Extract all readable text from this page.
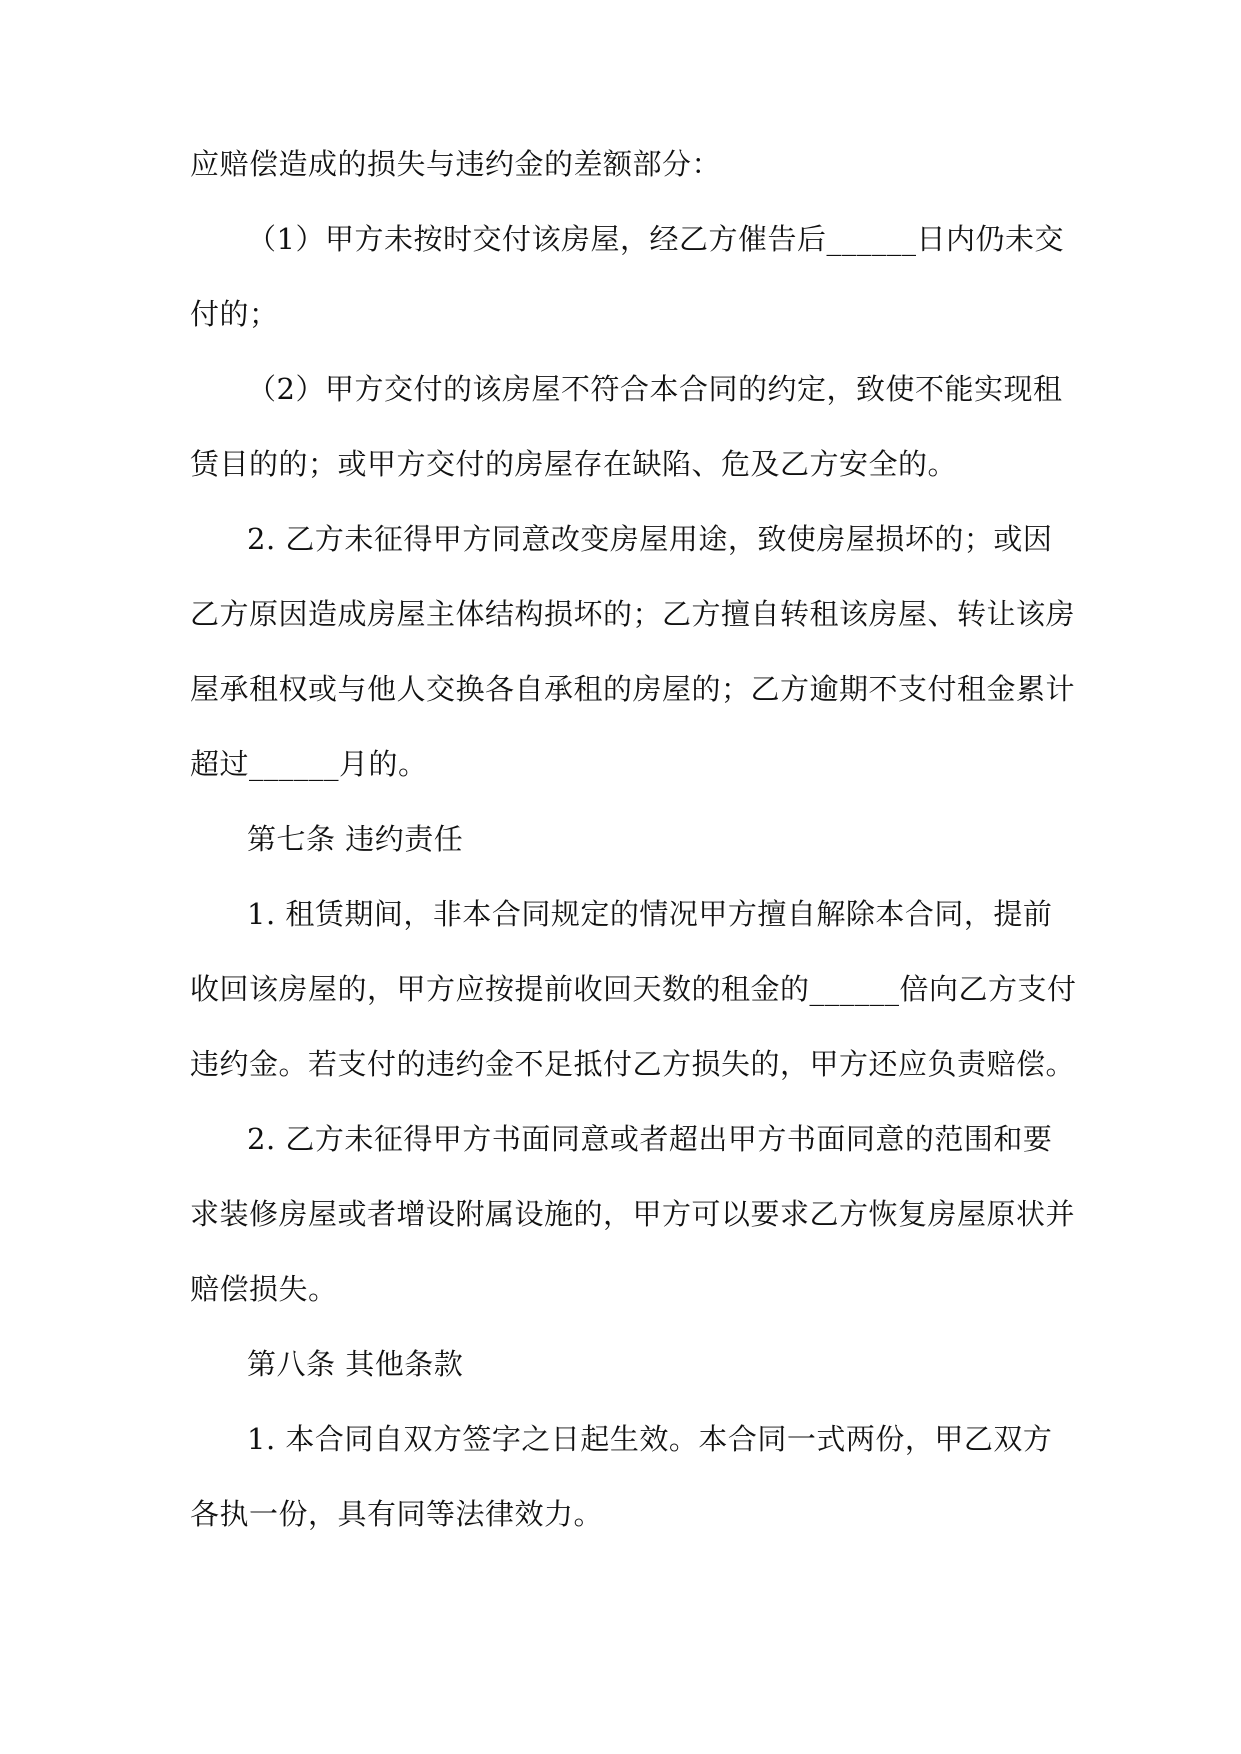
应赔偿造成的损失与违约金的差额部分：
（1）甲方未按时交付该房屋，经乙方催告后______日内仍未交
付的；
（2）甲方交付的该房屋不符合本合同的约定，致使不能实现租
赁目的的；或甲方交付的房屋存在缺陷、危及乙方安全的。
2. 乙方未征得甲方同意改变房屋用途，致使房屋损坏的；或因
乙方原因造成房屋主体结构损坏的；乙方擅自转租该房屋、转让该房
屋承租权或与他人交换各自承租的房屋的；乙方逾期不支付租金累计
超过______月的。
第七条 违约责任
1. 租赁期间，非本合同规定的情况甲方擅自解除本合同，提前
收回该房屋的，甲方应按提前收回天数的租金的______倍向乙方支付
违约金。若支付的违约金不足抵付乙方损失的，甲方还应负责赔偿。
2. 乙方未征得甲方书面同意或者超出甲方书面同意的范围和要
求装修房屋或者增设附属设施的，甲方可以要求乙方恢复房屋原状并
赔偿损失。
第八条 其他条款
1. 本合同自双方签字之日起生效。本合同一式两份，甲乙双方
各执一份，具有同等法律效力。
